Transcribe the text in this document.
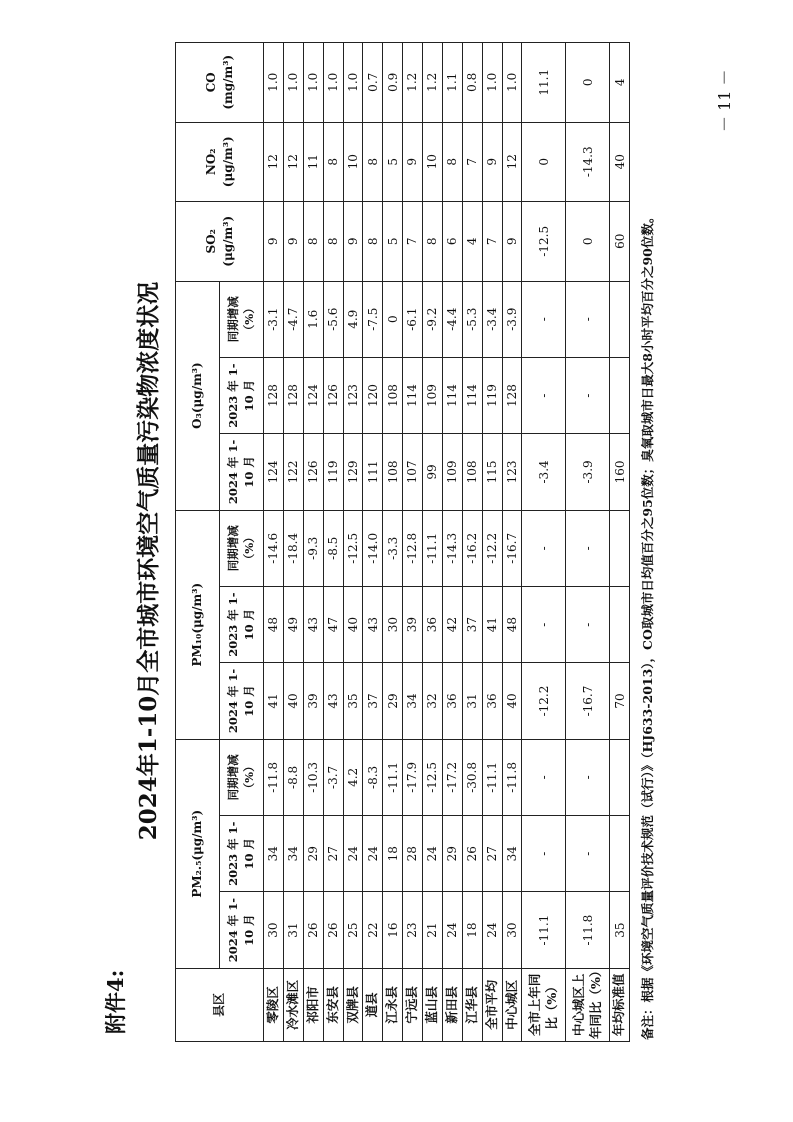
附件4:
2024年1-10月全市城市环境空气质量污染物浓度状况
县区	PM₂.₅(μg/m³)			PM₁₀(μg/m³)			O₃(μg/m³)			SO₂ (μg/m³)	NO₂ (μg/m³)	CO (mg/m³)
	2024 年 1-10 月	2023 年 1-10 月	同期增减 （%）	2024 年 1-10 月	2023 年 1-10 月	同期增减 （%）	2024 年 1-10 月	2023 年 1-10 月	同期增减 （%）			
零陵区	30	34	-11.8	41	48	-14.6	124	128	-3.1	9	12	1.0
冷水滩区	31	34	-8.8	40	49	-18.4	122	128	-4.7	9	12	1.0
祁阳市	26	29	-10.3	39	43	-9.3	126	124	1.6	8	11	1.0
东安县	26	27	-3.7	43	47	-8.5	119	126	-5.6	8	8	1.0
双牌县	25	24	4.2	35	40	-12.5	129	123	4.9	9	10	1.0
道县	22	24	-8.3	37	43	-14.0	111	120	-7.5	8	8	0.7
江永县	16	18	-11.1	29	30	-3.3	108	108	0	5	5	0.9
宁远县	23	28	-17.9	34	39	-12.8	107	114	-6.1	7	9	1.2
蓝山县	21	24	-12.5	32	36	-11.1	99	109	-9.2	8	10	1.2
新田县	24	29	-17.2	36	42	-14.3	109	114	-4.4	6	8	1.1
江华县	18	26	-30.8	31	37	-16.2	108	114	-5.3	4	7	0.8
全市平均	24	27	-11.1	36	41	-12.2	115	119	-3.4	7	9	1.0
中心城区	30	34	-11.8	40	48	-16.7	123	128	-3.9	9	12	1.0
全市上年同比（%）	-11.1	-	-	-12.2	-	-	-3.4	-	-	-12.5	0	11.1
中心城区上年同比（%）	-11.8	-	-	-16.7	-	-	-3.9	-	-	0	-14.3	0
年均标准值	35			70			160			60	40	4
备注：根据《环境空气质量评价技术规范（试行）》（HJ633-2013），CO取城市日均值百分之95位数；臭氧取城市日最大8小时平均百分之90位数。
－ 11 －
